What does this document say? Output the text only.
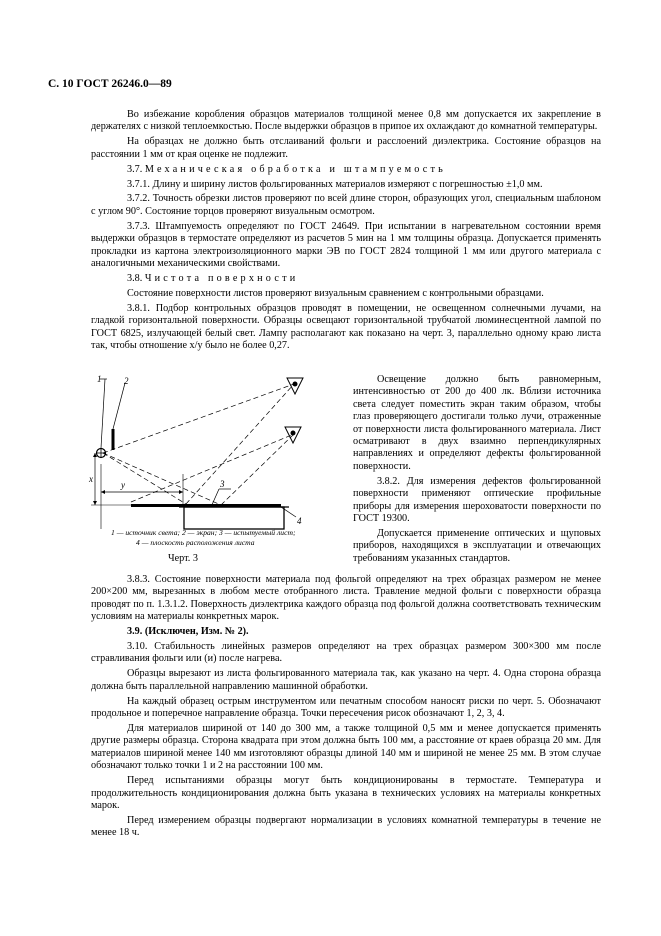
С. 10 ГОСТ 26246.0—89

Во избежание коробления образцов материалов толщиной менее 0,8 мм допускается их закрепление в держателях с низкой теплоемкостью. После выдержки образцов в припое их охлаждают до комнатной температуры.

На образцах не должно быть отслаиваний фольги и расслоений диэлектрика. Состояние образцов на расстоянии 1 мм от края оценке не подлежит.

3.7. Механическая обработка и штампуемость

3.7.1. Длину и ширину листов фольгированных материалов измеряют с погрешностью ±1,0 мм.

3.7.2. Точность обрезки листов проверяют по всей длине сторон, образующих угол, специальным шаблоном с углом 90°. Состояние торцов проверяют визуальным осмотром.

3.7.3. Штампуемость определяют по ГОСТ 24649. При испытании в нагревательном состоянии время выдержки образцов в термостате определяют из расчетов 5 мин на 1 мм толщины образца. Допускается применять прокладки из картона электроизоляционного марки ЭВ по ГОСТ 2824 толщиной 1 мм или другого материала с аналогичными механическими свойствами.

3.8. Чистота поверхности

Состояние поверхности листов проверяют визуальным сравнением с контрольными образцами.

3.8.1. Подбор контрольных образцов проводят в помещении, не освещенном солнечными лучами, на гладкой горизонтальной поверхности. Образцы освещают горизонтальной трубчатой люминесцентной лампой по ГОСТ 6825, излучающей белый свет. Лампу располагают как показано на черт. 3, параллельно одному краю листа так, чтобы отношение x/y было не более 0,27.

1	2
3
4
x
y
1 — источник света; 2 — экран; 3 — испытуемый лист;
4 — плоскость расположения листа
Черт. 3

Освещение должно быть равномерным, интенсивностью от 200 до 400 лк. Вблизи источника света следует поместить экран таким образом, чтобы глаз проверяющего достигали только лучи, отраженные от поверхности листа фольгированного материала. Лист осматривают в двух взаимно перпендикулярных направлениях и определяют дефекты фольгированной поверхности.

3.8.2. Для измерения дефектов фольгированной поверхности применяют оптические профильные приборы для измерения шероховатости поверхности по ГОСТ 19300.

Допускается применение оптических и щуповых приборов, находящихся в эксплуатации и отвечающих требованиям указанных стандартов.

3.8.3. Состояние поверхности материала под фольгой определяют на трех образцах размером не менее 200×200 мм, вырезанных в любом месте отобранного листа. Травление медной фольги с поверхности образца проводят по п. 1.3.1.2. Поверхность диэлектрика каждого образца под фольгой должна соответствовать техническим условиям на материалы конкретных марок.

3.9. (Исключен, Изм. № 2).

3.10. Стабильность линейных размеров определяют на трех образцах размером 300×300 мм после стравливания фольги или (и) после нагрева.

Образцы вырезают из листа фольгированного материала так, как указано на черт. 4. Одна сторона образца должна быть параллельной направлению машинной обработки.

На каждый образец острым инструментом или печатным способом наносят риски по черт. 5. Обозначают продольное и поперечное направление образца. Точки пересечения рисок обозначают 1, 2, 3, 4.

Для материалов шириной от 140 до 300 мм, а также толщиной 0,5 мм и менее допускается применять другие размеры образца. Сторона квадрата при этом должна быть 100 мм, а расстояние от краев образца 20 мм. Для материалов шириной менее 140 мм изготовляют образцы длиной 140 мм и шириной не менее 25 мм. В этом случае обозначают только точки 1 и 2 на расстоянии 100 мм.

Перед испытаниями образцы могут быть кондиционированы в термостате. Температура и продолжительность кондиционирования должна быть указана в технических условиях на материалы конкретных марок.

Перед измерением образцы подвергают нормализации в условиях комнатной температуры в течение не менее 18 ч.
